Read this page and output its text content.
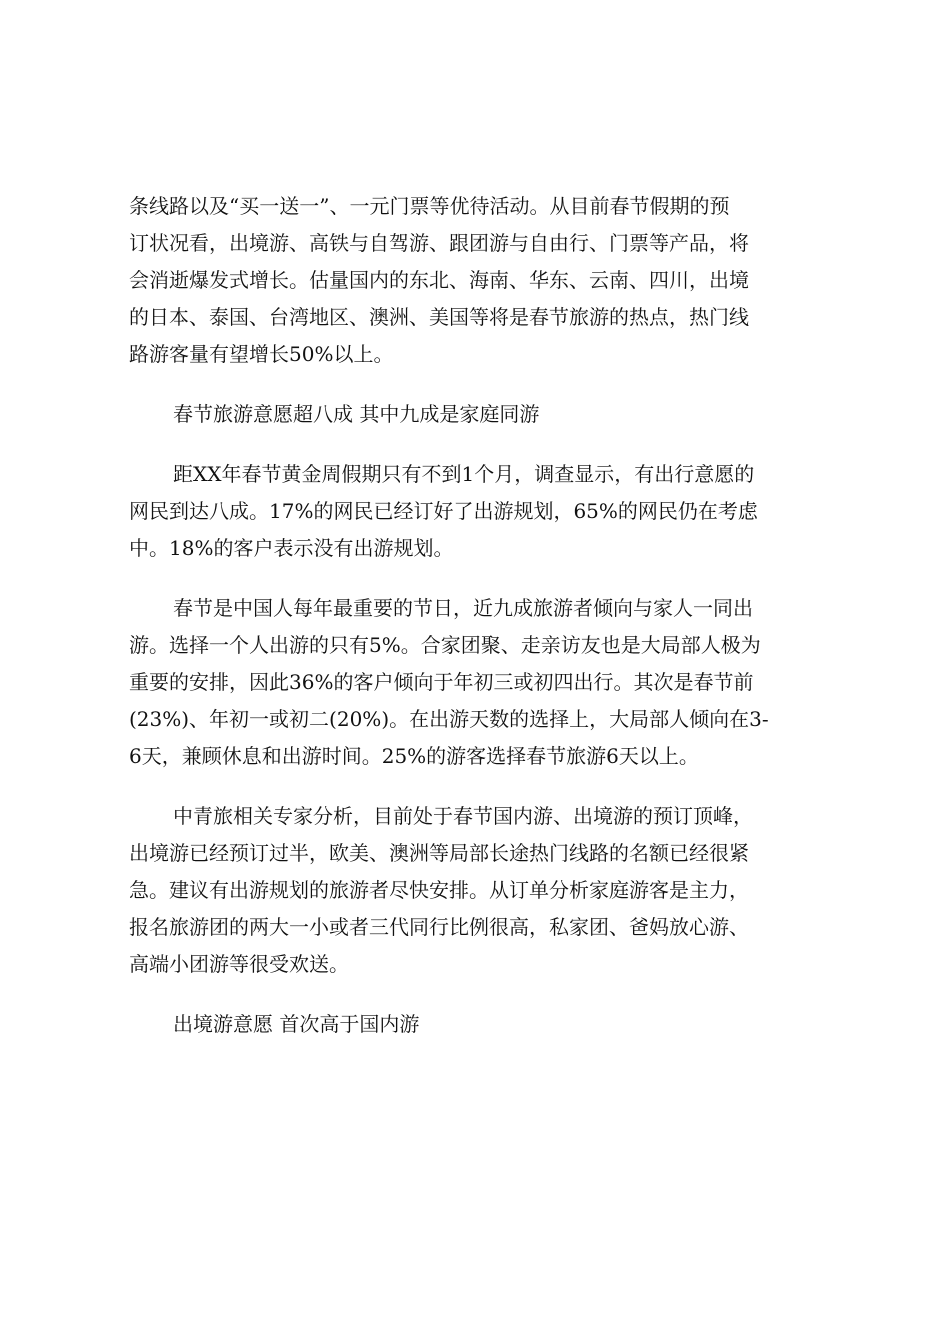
条线路以及“买一送一”、一元门票等优待活动。从目前春节假期的预
订状况看，出境游、高铁与自驾游、跟团游与自由行、门票等产品，将
会消逝爆发式增长。估量国内的东北、海南、华东、云南、四川，出境
的日本、泰国、台湾地区、澳洲、美国等将是春节旅游的热点，热门线
路游客量有望增长50%以上。
春节旅游意愿超八成 其中九成是家庭同游
距XX年春节黄金周假期只有不到1个月，调查显示，有出行意愿的
网民到达八成。17%的网民已经订好了出游规划，65%的网民仍在考虑
中。18%的客户表示没有出游规划。
春节是中国人每年最重要的节日，近九成旅游者倾向与家人一同出
游。选择一个人出游的只有5%。合家团聚、走亲访友也是大局部人极为
重要的安排，因此36%的客户倾向于年初三或初四出行。其次是春节前
(23%)、年初一或初二(20%)。在出游天数的选择上，大局部人倾向在3-
6天，兼顾休息和出游时间。25%的游客选择春节旅游6天以上。
中青旅相关专家分析，目前处于春节国内游、出境游的预订顶峰，
出境游已经预订过半，欧美、澳洲等局部长途热门线路的名额已经很紧
急。建议有出游规划的旅游者尽快安排。从订单分析家庭游客是主力，
报名旅游团的两大一小或者三代同行比例很高，私家团、爸妈放心游、
高端小团游等很受欢送。
出境游意愿 首次高于国内游
